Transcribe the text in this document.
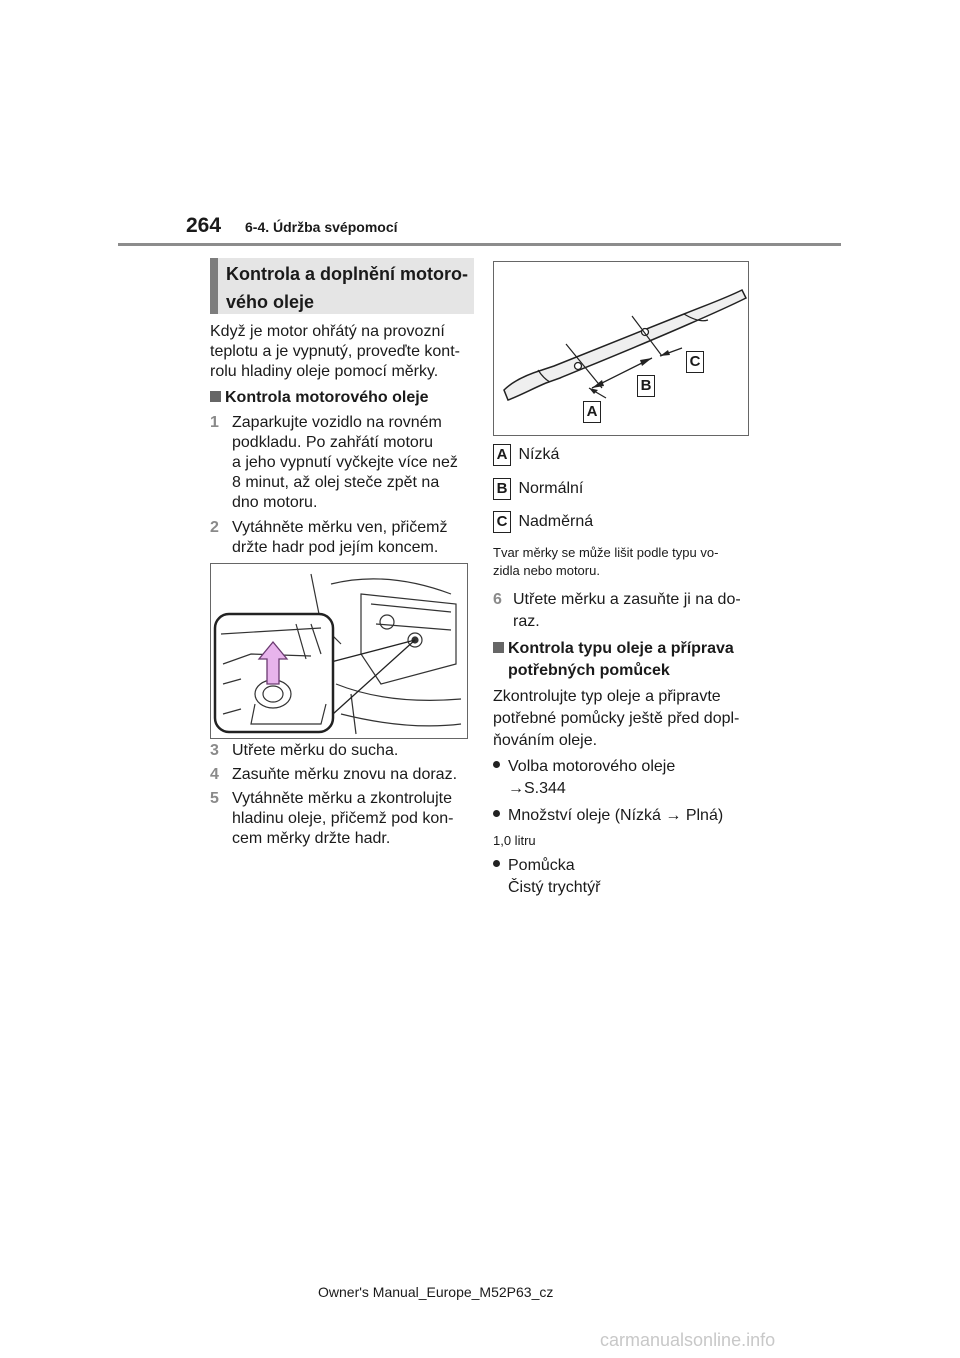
264 6-4. Údržba svépomocí
Kontrola a doplnění motoro-
vého oleje
Když je motor ohřátý na provozní
teplotu a je vypnutý, proveďte kont-
rolu hladiny oleje pomocí měrky.
Kontrola motorového oleje
1 Zaparkujte vozidlo na rovném
podkladu. Po zahřátí motoru
a jeho vypnutí vyčkejte více než
8 minut, až olej steče zpět na
dno motoru.
2 Vytáhněte měrku ven, přičemž
držte hadr pod jejím koncem.
3 Utřete měrku do sucha.
4 Zasuňte měrku znovu na doraz.
5 Vytáhněte měrku a zkontrolujte
hladinu oleje, přičemž pod kon-
cem měrky držte hadr.
A
B
C
A Nízká
B Normální
C Nadměrná
Tvar měrky se může lišit podle typu vo-
zidla nebo motoru.
6 Utřete měrku a zasuňte ji na do-
raz.
Kontrola typu oleje a příprava
potřebných pomůcek
Zkontrolujte typ oleje a připravte
potřebné pomůcky ještě před dopl-
ňováním oleje.
Volba motorového oleje
→S.344
Množství oleje (Nízká → Plná)
1,0 litru
Pomůcka
Čistý trychtýř
Owner's Manual_Europe_M52P63_cz
carmanualsonline.info
